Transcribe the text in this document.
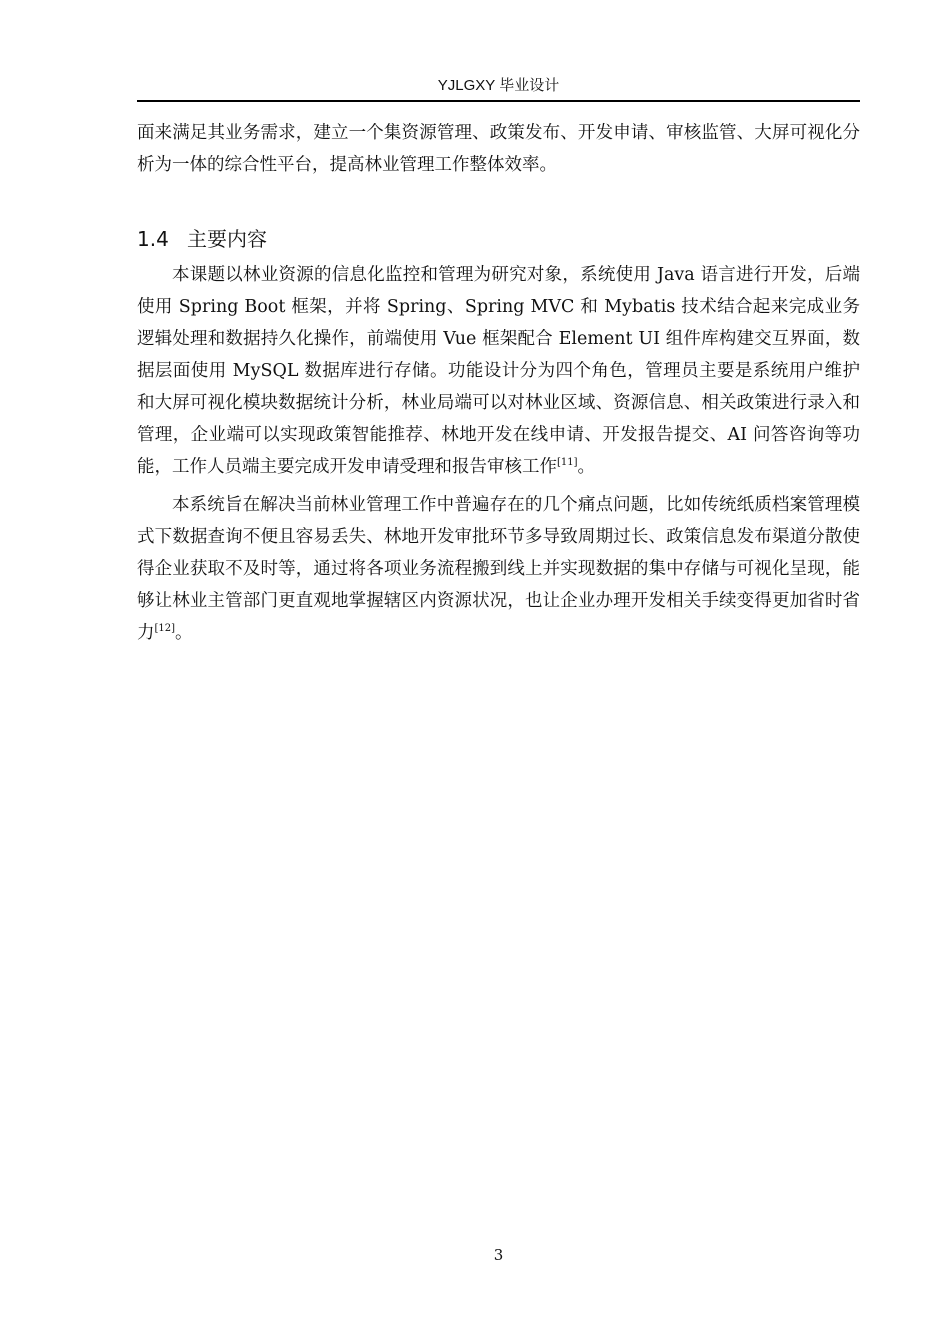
YJLGXY 毕业设计

面来满足其业务需求，建立一个集资源管理、政策发布、开发申请、审核监管、大屏可视化分析为一体的综合性平台，提高林业管理工作整体效率。

1.4 主要内容

本课题以林业资源的信息化监控和管理为研究对象，系统使用 Java 语言进行开发，后端使用 Spring Boot 框架，并将 Spring、Spring MVC 和 Mybatis 技术结合起来完成业务逻辑处理和数据持久化操作，前端使用 Vue 框架配合 Element UI 组件库构建交互界面，数据层面使用 MySQL 数据库进行存储。功能设计分为四个角色，管理员主要是系统用户维护和大屏可视化模块数据统计分析，林业局端可以对林业区域、资源信息、相关政策进行录入和管理，企业端可以实现政策智能推荐、林地开发在线申请、开发报告提交、AI 问答咨询等功能，工作人员端主要完成开发申请受理和报告审核工作[11]。

本系统旨在解决当前林业管理工作中普遍存在的几个痛点问题，比如传统纸质档案管理模式下数据查询不便且容易丢失、林地开发审批环节多导致周期过长、政策信息发布渠道分散使得企业获取不及时等，通过将各项业务流程搬到线上并实现数据的集中存储与可视化呈现，能够让林业主管部门更直观地掌握辖区内资源状况，也让企业办理开发相关手续变得更加省时省力[12]。

3
